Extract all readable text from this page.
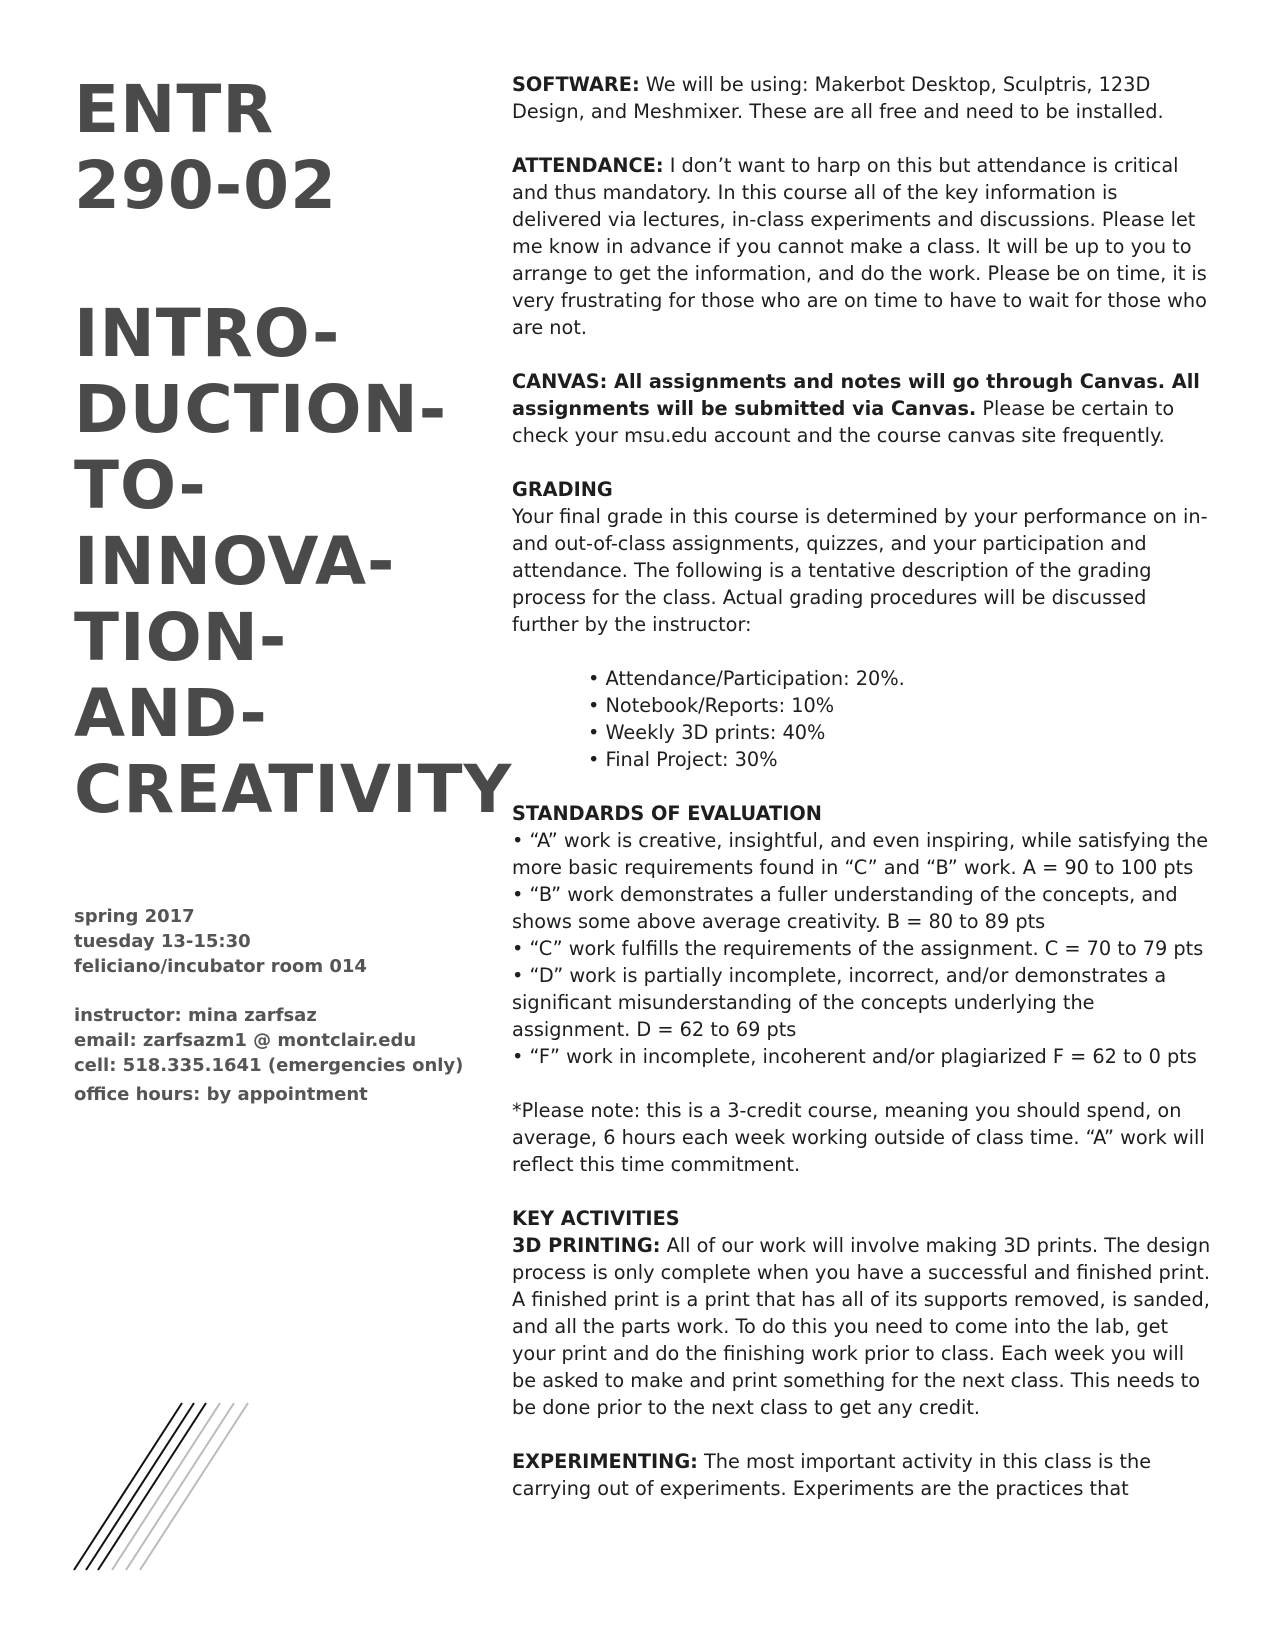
ENTR
290-02
INTRO-
DUCTION-
TO-
INNOVA-
TION-
AND-
CREATIVITY
spring 2017
tuesday 13-15:30
feliciano/incubator room 014
instructor: mina zarfsaz
email: zarfsazm1 @ montclair.edu
cell: 518.335.1641 (emergencies only)
office hours: by appointment

SOFTWARE: We will be using: Makerbot Desktop, Sculptris, 123D Design, and Meshmixer. These are all free and need to be installed.

ATTENDANCE: I don’t want to harp on this but attendance is critical and thus mandatory. In this course all of the key information is delivered via lectures, in-class experiments and discussions. Please let me know in advance if you cannot make a class. It will be up to you to arrange to get the information, and do the work. Please be on time, it is very frustrating for those who are on time to have to wait for those who are not.

CANVAS: All assignments and notes will go through Canvas. All assignments will be submitted via Canvas. Please be certain to check your msu.edu account and the course canvas site frequently.

GRADING
Your final grade in this course is determined by your performance on in- and out-of-class assignments, quizzes, and your participation and attendance. The following is a tentative description of the grading process for the class. Actual grading procedures will be discussed further by the instructor:

• Attendance/Participation: 20%.
• Notebook/Reports: 10%
• Weekly 3D prints: 40%
• Final Project: 30%
STANDARDS OF EVALUATION
• “A” work is creative, insightful, and even inspiring, while satisfying the more basic requirements found in “C” and “B” work. A = 90 to 100 pts
• “B” work demonstrates a fuller understanding of the concepts, and shows some above average creativity. B = 80 to 89 pts
• “C” work fulfills the requirements of the assignment. C = 70 to 79 pts
• “D” work is partially incomplete, incorrect, and/or demonstrates a significant misunderstanding of the concepts underlying the assignment. D = 62 to 69 pts
• “F” work in incomplete, incoherent and/or plagiarized F = 62 to 0 pts

*Please note: this is a 3-credit course, meaning you should spend, on average, 6 hours each week working outside of class time. “A” work will reflect this time commitment.

KEY ACTIVITIES
3D PRINTING: All of our work will involve making 3D prints. The design process is only complete when you have a successful and finished print. A finished print is a print that has all of its supports removed, is sanded, and all the parts work. To do this you need to come into the lab, get your print and do the finishing work prior to class. Each week you will be asked to make and print something for the next class. This needs to be done prior to the next class to get any credit.

EXPERIMENTING: The most important activity in this class is the carrying out of experiments. Experiments are the practices that
